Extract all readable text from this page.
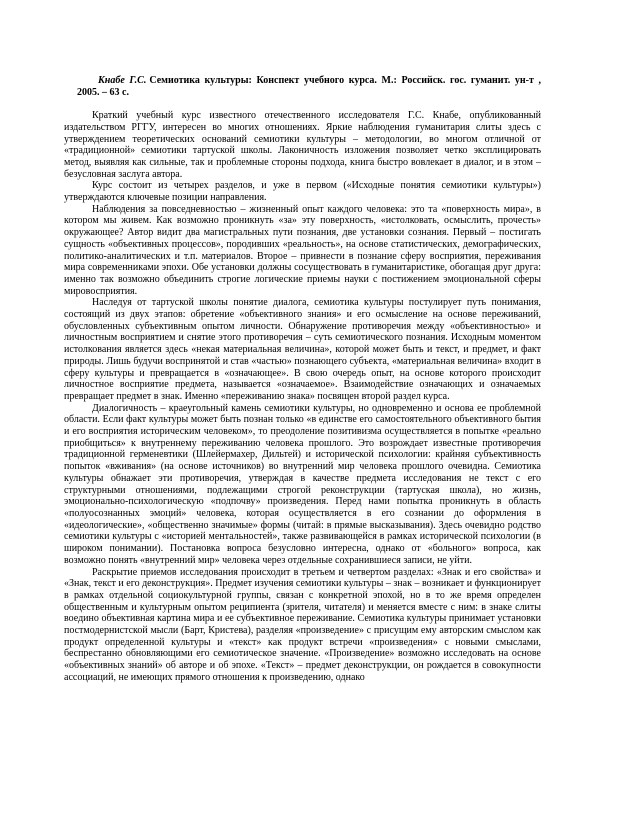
Кнабе Г.С. Семиотика культуры: Конспект учебного курса. М.: Российск. гос. гуманит. ун-т , 2005. – 63 с.

Краткий учебный курс известного отечественного исследователя Г.С. Кнабе, опубликованный издательством РГГУ, интересен во многих отношениях. Яркие наблюдения гуманитария слиты здесь с утверждением теоретических оснований семиотики культуры – методологии, во многом отличной от «традиционной» семиотики тартуской школы. Лаконичность изложения позволяет четко эксплицировать метод, выявляя как сильные, так и проблемные стороны подхода, книга быстро вовлекает в диалог, и в этом – безусловная заслуга автора.

Курс состоит из четырех разделов, и уже в первом («Исходные понятия семиотики культуры») утверждаются ключевые позиции направления.

Наблюдения за повседневностью – жизненный опыт каждого человека: это та «поверхность мира», в котором мы живем. Как возможно проникнуть «за» эту поверхность, «истолковать, осмыслить, прочесть» окружающее? Автор видит два магистральных пути познания, две установки сознания. Первый – постигать сущность «объективных процессов», породивших «реальность», на основе статистических, демографических, политико-аналитических и т.п. материалов. Второе – привнести в познание сферу восприятия, переживания мира современниками эпохи. Обе установки должны сосуществовать в гуманитаристике, обогащая друг друга: именно так возможно объединить строгие логические приемы науки с постижением эмоциональной сферы мировосприятия.

Наследуя от тартуской школы понятие диалога, семиотика культуры постулирует путь понимания, состоящий из двух этапов: обретение «объективного знания» и его осмысление на основе переживаний, обусловленных субъективным опытом личности. Обнаружение противоречия между «объективностью» и личностным восприятием и снятие этого противоречия – суть семиотического познания. Исходным моментом истолкования является здесь «некая материальная величина», которой может быть и текст, и предмет, и факт природы. Лишь будучи воспринятой и став «частью» познающего субъекта, «материальная величина» входит в сферу культуры и превращается в «означающее». В свою очередь опыт, на основе которого происходит личностное восприятие предмета, называется «означаемое». Взаимодействие означающих и означаемых превращает предмет в знак. Именно «переживанию знака» посвящен второй раздел курса.

Диалогичность – краеугольный камень семиотики культуры, но одновременно и основа ее проблемной области. Если факт культуры может быть познан только «в единстве его самостоятельного объективного бытия и его восприятия историческим человеком», то преодоление позитивизма осуществляется в попытке «реально приобщиться» к внутреннему переживанию человека прошлого. Это возрождает известные противоречия традиционной герменевтики (Шлейермахер, Дильтей) и исторической психологии: крайняя субъективность попыток «вживания» (на основе источников) во внутренний мир человека прошлого очевидна. Семиотика культуры обнажает эти противоречия, утверждая в качестве предмета исследования не текст с его структурными отношениями, подлежащими строгой реконструкции (тартуская школа), но жизнь, эмоционально-психологическую «подпочву» произведения. Перед нами попытка проникнуть в область «полуосознанных эмоций» человека, которая осуществляется в его сознании до оформления в «идеологические», «общественно значимые» формы (читай: в прямые высказывания). Здесь очевидно родство семиотики культуры с «историей ментальностей», также развивающейся в рамках исторической психологии (в широком понимании). Постановка вопроса безусловно интересна, однако от «больного» вопроса, как возможно понять «внутренний мир» человека через отдельные сохранившиеся записи, не уйти.

Раскрытие приемов исследования происходит в третьем и четвертом разделах: «Знак и его свойства» и «Знак, текст и его деконструкция». Предмет изучения семиотики культуры – знак – возникает и функционирует в рамках отдельной социокультурной группы, связан с конкретной эпохой, но в то же время определен общественным и культурным опытом реципиента (зрителя, читателя) и меняется вместе с ним: в знаке слиты воедино объективная картина мира и ее субъективное переживание. Семиотика культуры принимает установки постмодернистской мысли (Барт, Кристева), разделяя «произведение» с присущим ему авторским смыслом как продукт определенной культуры и «текст» как продукт встречи «произведения» с новыми смыслами, беспрестанно обновляющими его семиотическое значение. «Произведение» возможно исследовать на основе «объективных знаний» об авторе и об эпохе. «Текст» – предмет деконструкции, он рождается в совокупности ассоциаций, не имеющих прямого отношения к произведению, однако
